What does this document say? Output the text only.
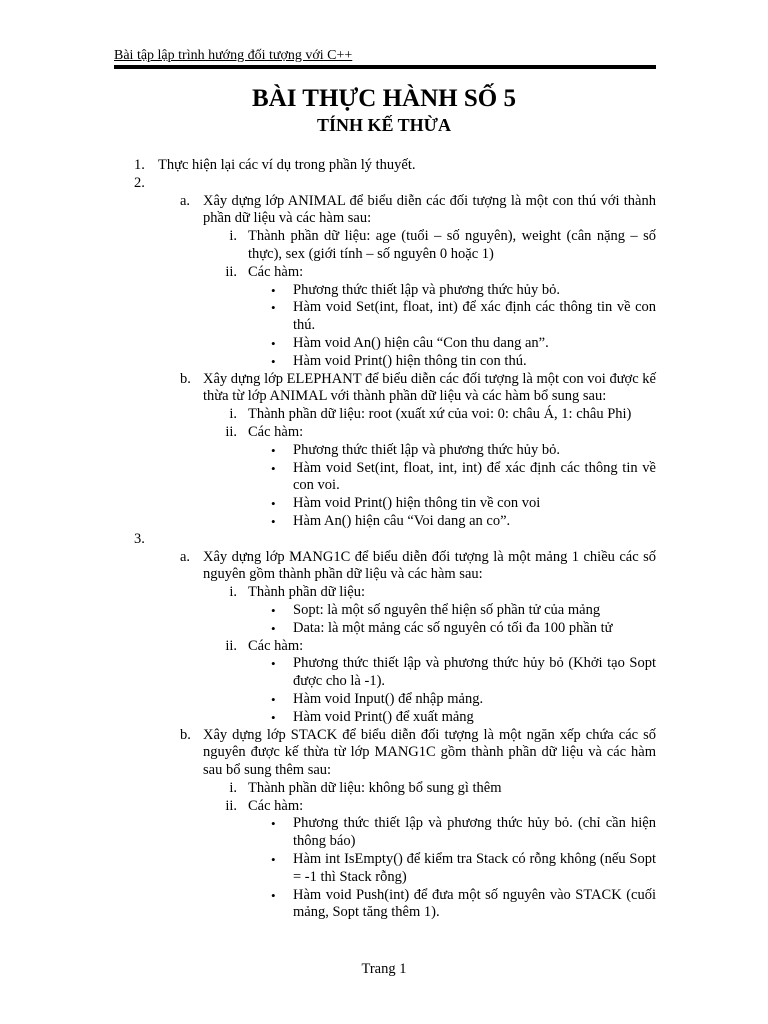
Bài tập lập trình hướng đối tượng với C++
BÀI THỰC HÀNH SỐ 5
TÍNH KẾ THỪA
1. Thực hiện lại các ví dụ trong phần lý thuyết.
2.

a. Xây dựng lớp ANIMAL để biểu diễn các đối tượng là một con thú với thành phần dữ liệu và các hàm sau:
i. Thành phần dữ liệu: age (tuổi – số nguyên), weight (cân nặng – số thực), sex (giới tính – số nguyên 0 hoặc 1)
ii. Các hàm:
• Phương thức thiết lập và phương thức hủy bỏ.
• Hàm void Set(int, float, int) để xác định các thông tin về con thú.
• Hàm void An() hiện câu “Con thu dang an”.
• Hàm void Print() hiện thông tin con thú.
b. Xây dựng lớp ELEPHANT để biểu diễn các đối tượng là một con voi được kế thừa từ lớp ANIMAL với thành phần dữ liệu và các hàm bổ sung sau:
i. Thành phần dữ liệu: root (xuất xứ của voi: 0: châu Á, 1: châu Phi)
ii. Các hàm:
• Phương thức thiết lập và phương thức hủy bỏ.
• Hàm void Set(int, float, int, int) để xác định các thông tin về con voi.
• Hàm void Print() hiện thông tin về con voi
• Hàm An() hiện câu “Voi dang an co”.
3.

a. Xây dựng lớp MANG1C để biểu diễn đối tượng là một mảng 1 chiều các số nguyên gồm thành phần dữ liệu và các hàm sau:
i. Thành phần dữ liệu:
• Sopt: là một số nguyên thể hiện số phần tử của mảng
• Data: là một mảng các số nguyên có tối đa 100 phần tử
ii. Các hàm:
• Phương thức thiết lập và phương thức hủy bỏ (Khởi tạo Sopt được cho là -1).
• Hàm void Input() để nhập mảng.
• Hàm void Print() để xuất mảng
b. Xây dựng lớp STACK để biểu diễn đối tượng là một ngăn xếp chứa các số nguyên được kế thừa từ lớp MANG1C gồm thành phần dữ liệu và các hàm sau bổ sung thêm sau:
i. Thành phần dữ liệu: không bổ sung gì thêm
ii. Các hàm:
• Phương thức thiết lập và phương thức hủy bỏ. (chỉ cần hiện thông báo)
• Hàm int IsEmpty() để kiểm tra Stack có rỗng không (nếu Sopt = -1 thì Stack rỗng)
• Hàm void Push(int) để đưa một số nguyên vào STACK (cuối mảng, Sopt tăng thêm 1).
Trang 1
